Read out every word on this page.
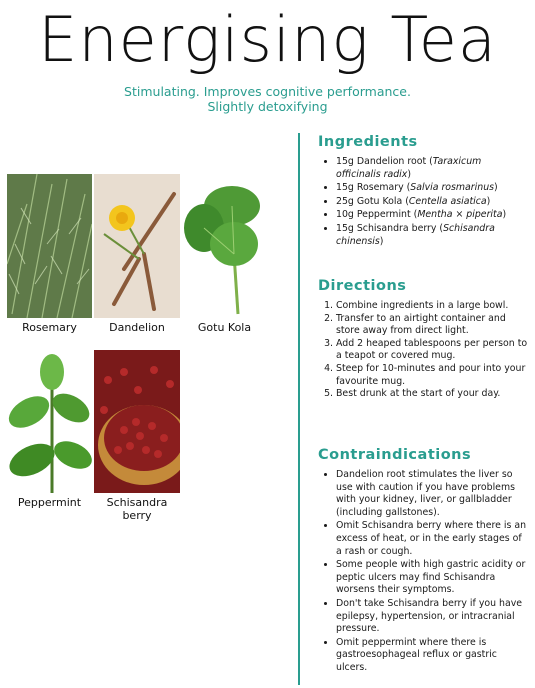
Energising Tea
Stimulating. Improves cognitive performance.
Slightly detoxifying
Rosemary	Dandelion	Gotu Kola
Peppermint	Schisandra
berry
Ingredients
• 15g Dandelion root (Taraxicum officinalis radix)
• 15g Rosemary (Salvia rosmarinus)
• 25g Gotu Kola (Centella asiatica)
• 10g Peppermint (Mentha × piperita)
• 15g Schisandra berry (Schisandra chinensis)
Directions
1. Combine ingredients in a large bowl.
2. Transfer to an airtight container and store away from direct light.
3. Add 2 heaped tablespoons per person to a teapot or covered mug.
4. Steep for 10-minutes and pour into your favourite mug.
5. Best drunk at the start of your day.
Contraindications
• Dandelion root stimulates the liver so use with caution if you have problems with your kidney, liver, or gallbladder (including gallstones).
• Omit Schisandra berry where there is an excess of heat, or in the early stages of a rash or cough.
• Some people with high gastric acidity or peptic ulcers may find Schisandra worsens their symptoms.
• Don't take Schisandra berry if you have epilepsy, hypertension, or intracranial pressure.
• Omit peppermint where there is gastroesophageal reflux or gastric ulcers.
